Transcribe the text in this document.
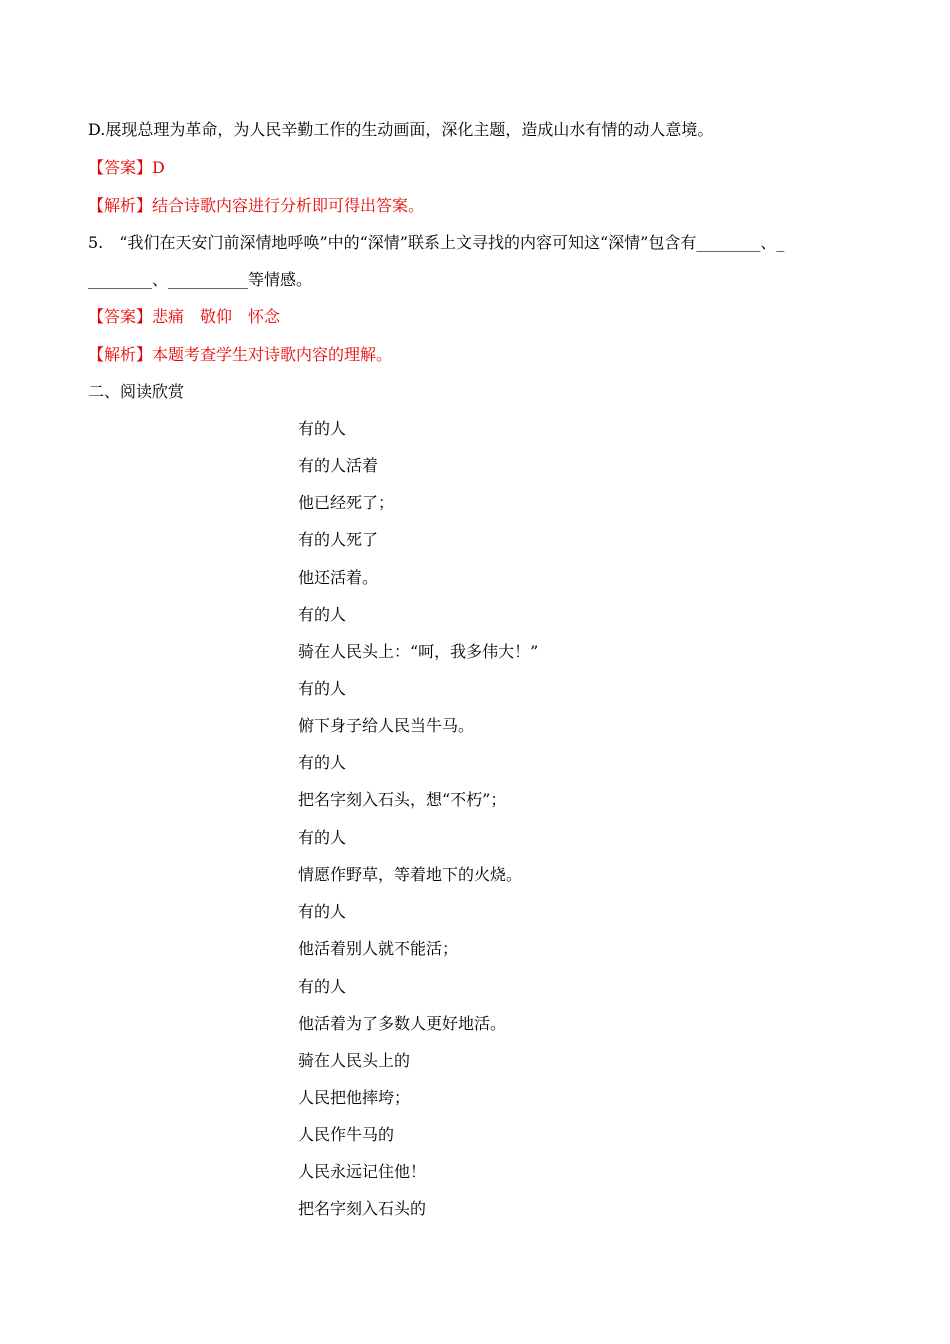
D.展现总理为革命，为人民辛勤工作的生动画面，深化主题，造成山水有情的动人意境。
【答案】D
【解析】结合诗歌内容进行分析即可得出答案。
5.　“我们在天安门前深情地呼唤”中的“深情”联系上文寻找的内容可知这“深情”包含有________、_
________、__________等情感。
【答案】悲痛　敬仰　怀念
【解析】本题考查学生对诗歌内容的理解。
二、阅读欣赏
有的人
有的人活着
他已经死了；
有的人死了
他还活着。
有的人
骑在人民头上：“呵，我多伟大！”
有的人
俯下身子给人民当牛马。
有的人
把名字刻入石头，想“不朽”；
有的人
情愿作野草，等着地下的火烧。
有的人
他活着别人就不能活；
有的人
他活着为了多数人更好地活。
骑在人民头上的
人民把他摔垮；
人民作牛马的
人民永远记住他！
把名字刻入石头的
